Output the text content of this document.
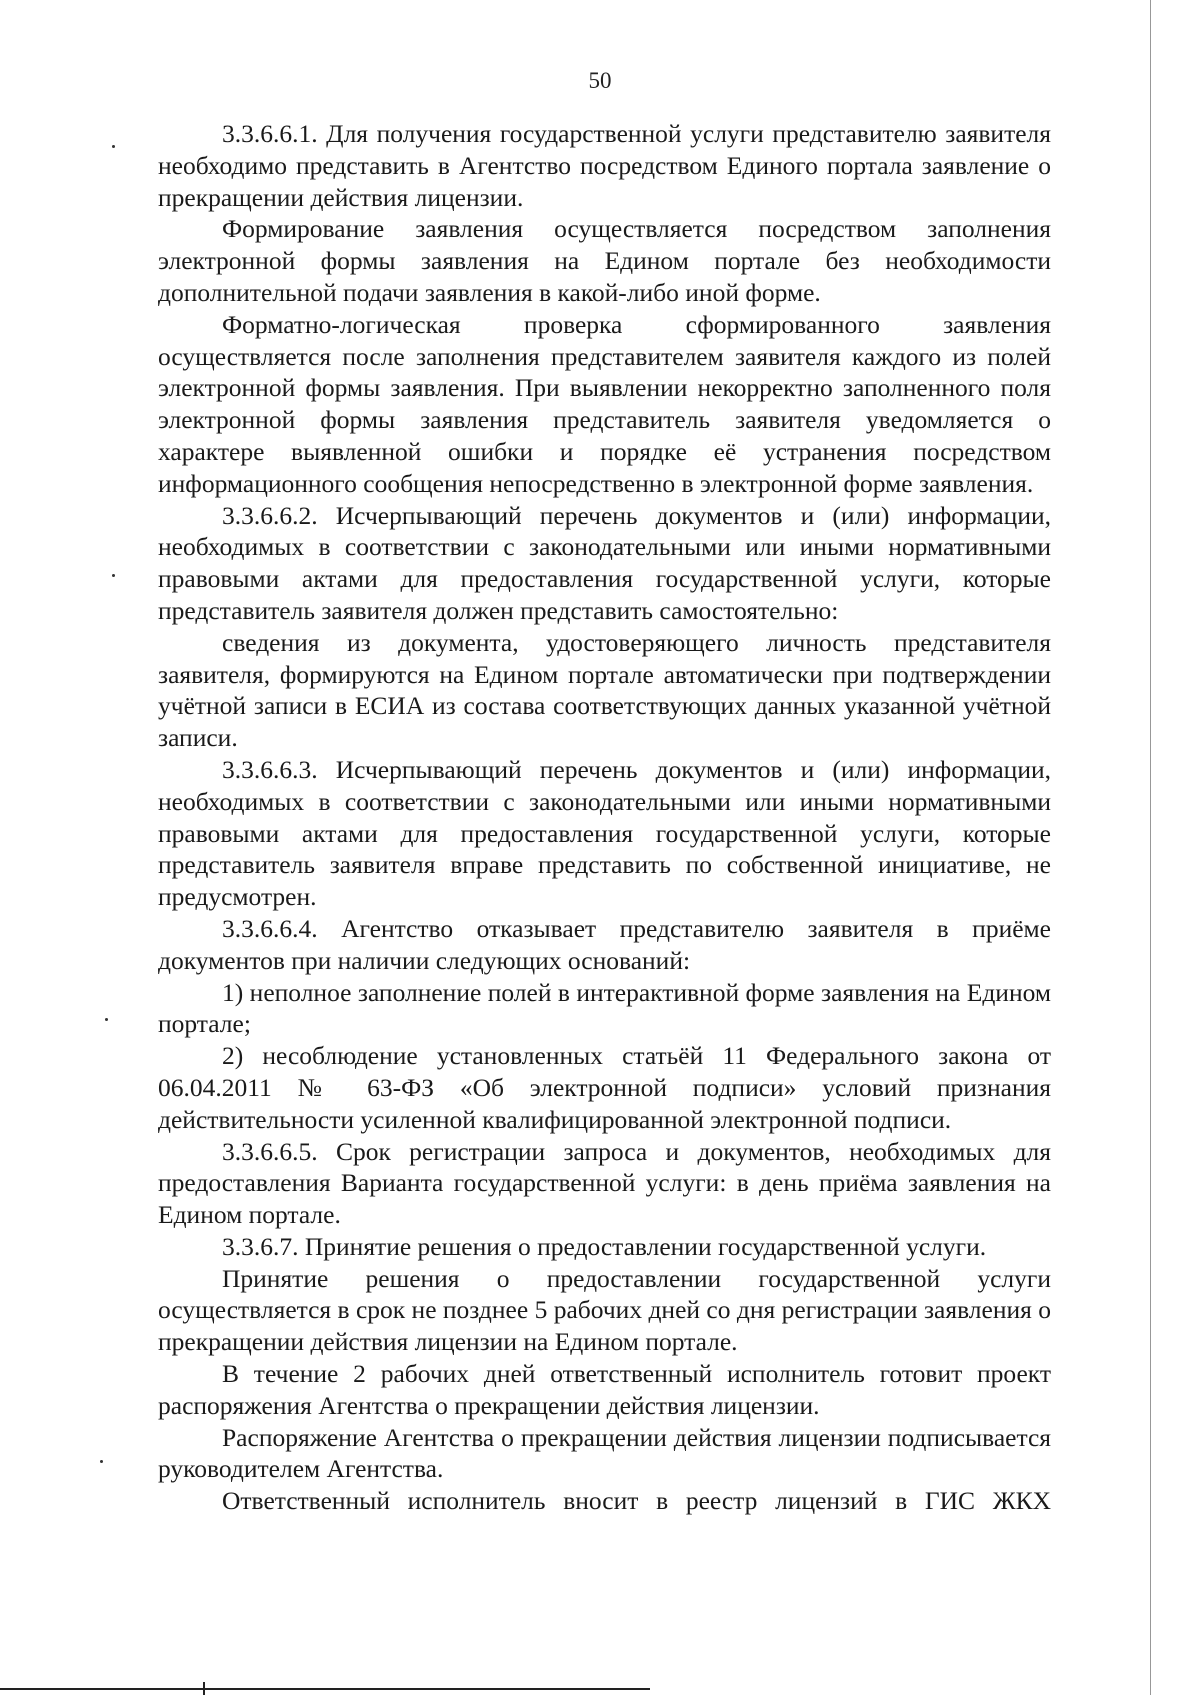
50

3.3.6.6.1. Для получения государственной услуги представителю заявителя необходимо представить в Агентство посредством Единого портала заявление о прекращении действия лицензии.

Формирование заявления осуществляется посредством заполнения электронной формы заявления на Едином портале без необходимости дополнительной подачи заявления в какой-либо иной форме.

Форматно-логическая проверка сформированного заявления осуществляется после заполнения представителем заявителя каждого из полей электронной формы заявления. При выявлении некорректно заполненного поля электронной формы заявления представитель заявителя уведомляется о характере выявленной ошибки и порядке её устранения посредством информационного сообщения непосредственно в электронной форме заявления.

3.3.6.6.2. Исчерпывающий перечень документов и (или) информации, необходимых в соответствии с законодательными или иными нормативными правовыми актами для предоставления государственной услуги, которые представитель заявителя должен представить самостоятельно:

сведения из документа, удостоверяющего личность представителя заявителя, формируются на Едином портале автоматически при подтверждении учётной записи в ЕСИА из состава соответствующих данных указанной учётной записи.

3.3.6.6.3. Исчерпывающий перечень документов и (или) информации, необходимых в соответствии с законодательными или иными нормативными правовыми актами для предоставления государственной услуги, которые представитель заявителя вправе представить по собственной инициативе, не предусмотрен.

3.3.6.6.4. Агентство отказывает представителю заявителя в приёме документов при наличии следующих оснований:

1) неполное заполнение полей в интерактивной форме заявления на Едином портале;

2) несоблюдение установленных статьёй 11 Федерального закона от 06.04.2011 № 63-ФЗ «Об электронной подписи» условий признания действительности усиленной квалифицированной электронной подписи.

3.3.6.6.5. Срок регистрации запроса и документов, необходимых для предоставления Варианта государственной услуги: в день приёма заявления на Едином портале.

3.3.6.7. Принятие решения о предоставлении государственной услуги.

Принятие решения о предоставлении государственной услуги осуществляется в срок не позднее 5 рабочих дней со дня регистрации заявления о прекращении действия лицензии на Едином портале.

В течение 2 рабочих дней ответственный исполнитель готовит проект распоряжения Агентства о прекращении действия лицензии.

Распоряжение Агентства о прекращении действия лицензии подписывается руководителем Агентства.

Ответственный исполнитель вносит в реестр лицензий в ГИС ЖКХ
